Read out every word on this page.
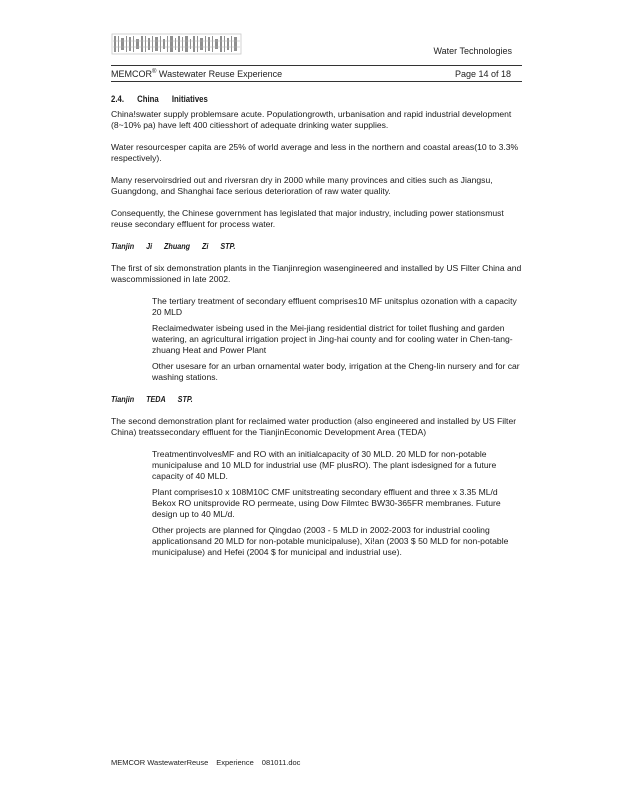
Water Technologies
MEMCOR® Wastewater Reuse Experience	Page 14 of 18
2.4. China Initiatives

China!swater supply problemsare acute. Populationgrowth, urbanisation and rapid industrial development (8~10% pa) have left 400 citiesshort of adequate drinking water supplies.

Water resourcesper capita are 25% of world average and less in the northern and coastal areas(10 to 3.3% respectively).

Many reservoirsdried out and riversran dry in 2000 while many provinces and cities such as Jiangsu, Guangdong, and Shanghai face serious deterioration of raw water quality.

Consequently, the Chinese government has legislated that major industry, including power stationsmust reuse secondary effluent for process water.

Tianjin Ji Zhuang Zi STP.

The first of six demonstration plants in the Tianjinregion wasengineered and installed by US Filter China and wascommissioned in late 2002.

The tertiary treatment of secondary effluent comprises10 MF unitsplus ozonation with a capacity 20 MLD

Reclaimedwater isbeing used in the Mei-jiang residential district for toilet flushing and garden watering, an agricultural irrigation project in Jing-hai county and for cooling water in Chen-tang-zhuang Heat and Power Plant

Other usesare for an urban ornamental water body, irrigation at the Cheng-lin nursery and for car washing stations.

Tianjin TEDA STP.

The second demonstration plant for reclaimed water production (also engineered and installed by US Filter China) treatssecondary effluent for the TianjinEconomic Development Area (TEDA)

TreatmentinvolvesMF and RO with an initialcapacity of 30 MLD. 20 MLD for non-potable municipaluse and 10 MLD for industrial use (MF plusRO). The plant isdesigned for a future capacity of 40 MLD.

Plant comprises10 x 108M10C CMF unitstreating secondary effluent and three x 3.35 ML/d Bekox RO unitsprovide RO permeate, using Dow Filmtec BW30-365FR membranes. Future design up to 40 ML/d.

Other projects are planned for Qingdao (2003 - 5 MLD in 2002-2003 for industrial cooling applicationsand 20 MLD for non-potable municipaluse), Xi!an (2003 $ 50 MLD for non-potable municipaluse) and Hefei (2004 $ for municipal and industrial use).

MEMCOR WastewaterReuse Experience 081011.doc
